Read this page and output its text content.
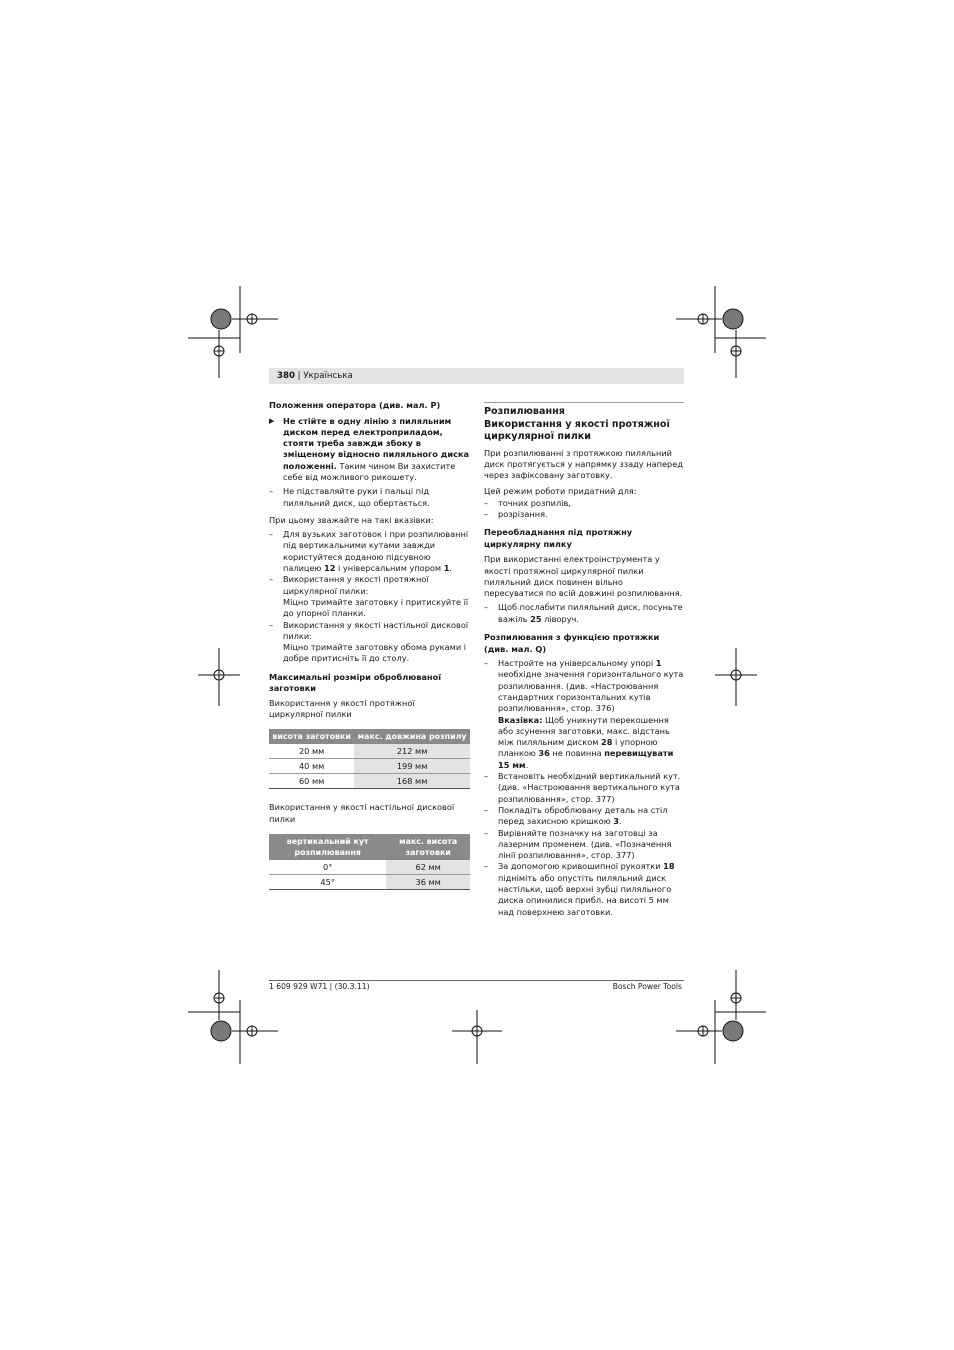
380 | Українська

Положення оператора (див. мал. P)

▶ Не стійте в одну лінію з пиляльним диском перед електроприладом, стояти треба завжди збоку в зміщеному відносно пиляльного диска положенні. Таким чином Ви захистите себе від можливого рикошету.
– Не підставляйте руки і пальці під пиляльний диск, що обертається.

При цьому зважайте на такі вказівки:

– Для вузьких заготовок і при розпилюванні під вертикальними кутами завжди користуйтеся доданою підсувною палицею 12 і універсальним упором 1.
– Використання у якості протяжної циркулярної пилки:

Міцно тримайте заготовку і притискуйте її до упорної планки.

– Використання у якості настільної дискової пилки:

Міцно тримайте заготовку обома руками і добре притисніть її до столу.

Максимальні розміри оброблюваної заготовки

Використання у якості протяжної циркулярної пилки

висота заготовки	макс. довжина розпилу
20 мм	212 мм
40 мм	199 мм
60 мм	168 мм

Використання у якості настільної дискової пилки

вертикальний кут розпилювання	макс. висота заготовки
0°	62 мм
45°	36 мм

Розпилювання

Використання у якості протяжної циркулярної пилки

При розпилюванні з протяжкою пиляльний диск протягується у напрямку ззаду наперед через зафіксовану заготовку.

Цей режим роботи придатний для:

– точних розпилів,
– розрізання.

Переобладнання під протяжну циркулярну пилку

При використанні електроінструмента у якості протяжної циркулярної пилки пиляльний диск повинен вільно пересуватися по всій довжині розпилювання.

– Щоб послабити пиляльний диск, посуньте важіль 25 ліворуч.

Розпилювання з функцією протяжки (див. мал. Q)

– Настройте на універсальному упорі 1 необхідне значення горизонтального кута розпилювання. (див. «Настроювання стандартних горизонтальних кутів розпилювання», стор. 376)

Вказівка: Щоб уникнути перекошення або зсунення заготовки, макс. відстань між пиляльним диском 28 і упорною планкою 36 не повинна перевищувати 15 мм.

– Встановіть необхідний вертикальний кут. (див. «Настроювання вертикального кута розпилювання», стор. 377)
– Покладіть оброблювану деталь на стіл перед захисною кришкою 3.
– Вирівняйте позначку на заготовці за лазерним променем. (див. «Позначення лінії розпилювання», стор. 377)
– За допомогою кривошипної рукоятки 18 підніміть або опустіть пиляльний диск настільки, щоб верхні зубці пиляльного диска опинилися прибл. на висоті 5 мм над поверхнею заготовки.
1 609 929 W71 | (30.3.11)	Bosch Power Tools
